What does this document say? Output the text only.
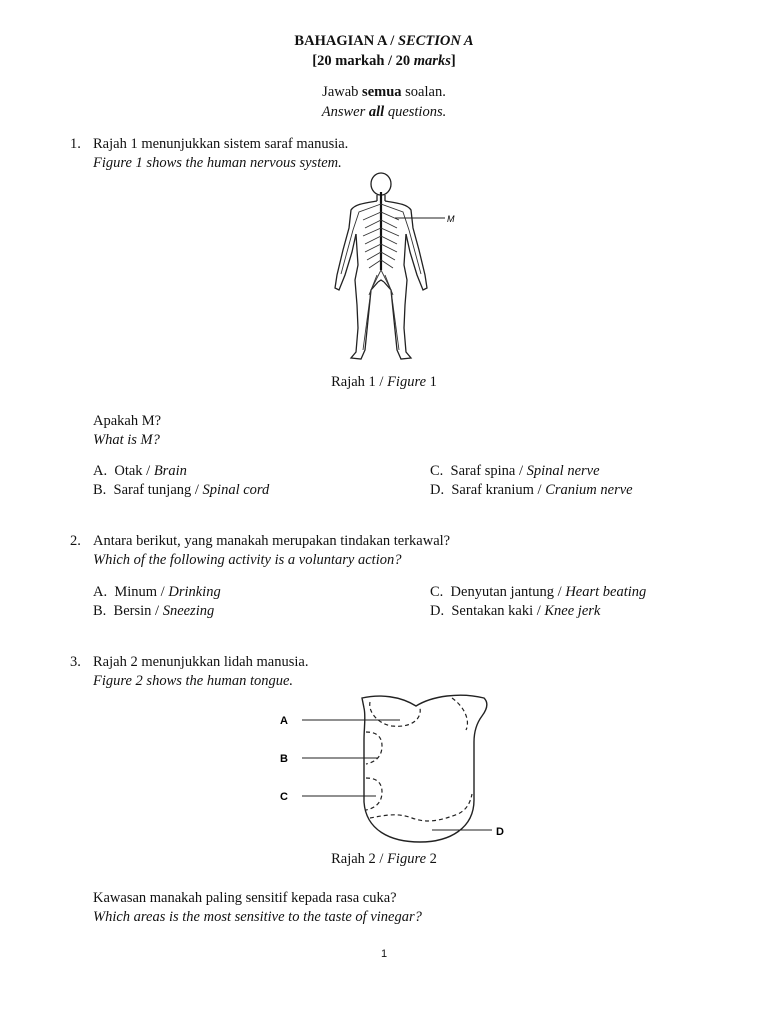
BAHAGIAN A / SECTION A
[20 markah / 20 marks]
Jawab semua soalan.
Answer all questions.
1. Rajah 1 menunjukkan sistem saraf manusia.
Figure 1 shows the human nervous system.
M
Rajah 1 / Figure 1
Apakah M?
What is M?
A. Otak / Brain	C. Saraf spina / Spinal nerve
B. Saraf tunjang / Spinal cord	D. Saraf kranium / Cranium nerve
2. Antara berikut, yang manakah merupakan tindakan terkawal?
Which of the following activity is a voluntary action?
A. Minum / Drinking	C. Denyutan jantung / Heart beating
B. Bersin / Sneezing	D. Sentakan kaki / Knee jerk
3. Rajah 2 menunjukkan lidah manusia.
Figure 2 shows the human tongue.
A
B
C
D
Rajah 2 / Figure 2
Kawasan manakah paling sensitif kepada rasa cuka?
Which areas is the most sensitive to the taste of vinegar?
1
